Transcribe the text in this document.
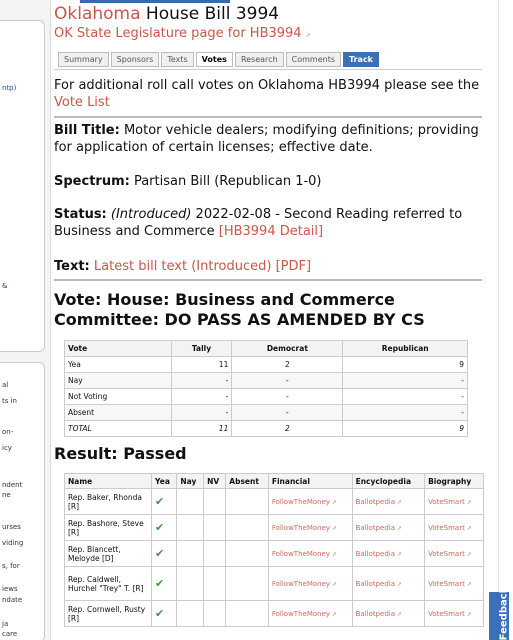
ntp)
&
al
ts in
on-
icy
ndent
ne
urses
viding
s, for
iews
ndate
ja
care
Oklahoma House Bill 3994
OK State Legislature page for HB3994 ⇗
Summary	Sponsors	Texts	Votes	Research	Comments	Track
For additional roll call votes on Oklahoma HB3994 please see the Vote List
Bill Title: Motor vehicle dealers; modifying definitions; providing for application of certain licenses; effective date.
Spectrum: Partisan Bill (Republican 1-0)
Status: (Introduced) 2022-02-08 - Second Reading referred to Business and Commerce [HB3994 Detail]
Text: Latest bill text (Introduced) [PDF]
Vote: House: Business and Commerce
Committee: DO PASS AS AMENDED BY CS
Vote	Tally	Democrat	Republican
Yea	11	2	9
Nay	-	-	-
Not Voting	-	-	-
Absent	-	-	-
TOTAL	11	2	9
Result: Passed
Name	Yea	Nay	NV	Absent	Financial	Encyclopedia	Biography
Rep. Baker, Rhonda [R]	✔				FollowTheMoney ⇗	Ballotpedia ⇗	VoteSmart ⇗
Rep. Bashore, Steve [R]	✔				FollowTheMoney ⇗	Ballotpedia ⇗	VoteSmart ⇗
Rep. Blancett, Meloyde [D]	✔				FollowTheMoney ⇗	Ballotpedia ⇗	VoteSmart ⇗
Rep. Caldwell, Hurchel "Trey" T. [R]	✔				FollowTheMoney ⇗	Ballotpedia ⇗	VoteSmart ⇗
Rep. Cornwell, Rusty [R]	✔				FollowTheMoney ⇗	Ballotpedia ⇗	VoteSmart ⇗	Feedback
